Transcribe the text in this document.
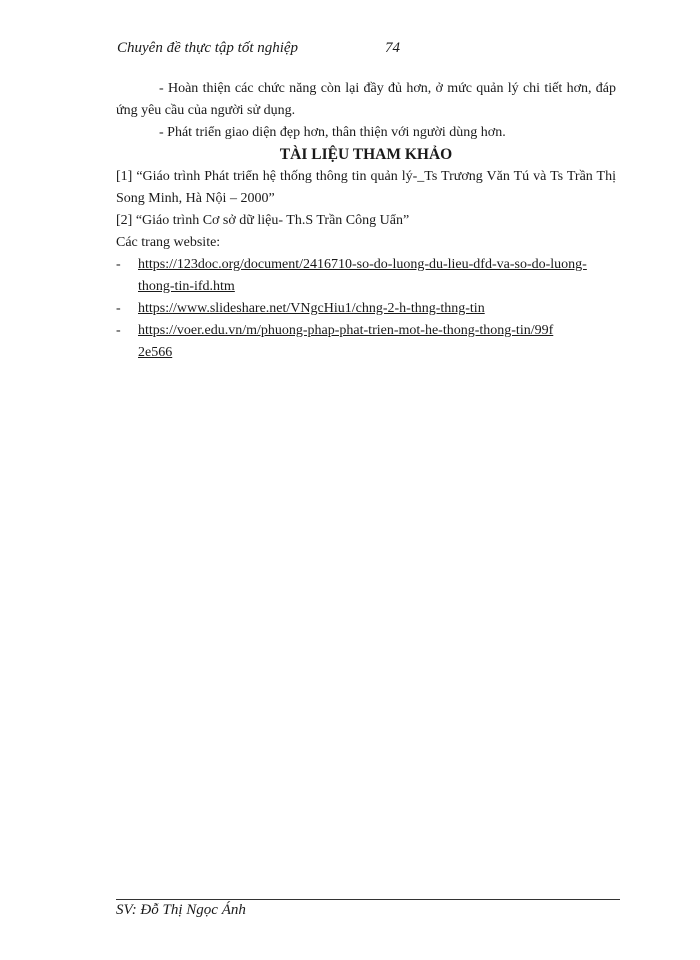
Chuyên đề thực tập tốt nghiệp	74

- Hoàn thiện các chức năng còn lại đầy đủ hơn, ở mức quản lý chi tiết hơn, đáp ứng yêu cầu của người sử dụng.

- Phát triển giao diện đẹp hơn, thân thiện với người dùng hơn.

TÀI LIỆU THAM KHẢO

[1] “Giáo trình Phát triển hệ thống thông tin quản lý-_Ts Trương Văn Tú và Ts Trần Thị Song Minh, Hà Nội – 2000”

[2] “Giáo trình Cơ sở dữ liệu- Th.S Trần Công Uẩn”

Các trang website:

- https://123doc.org/document/2416710-so-do-luong-du-lieu-dfd-va-so-do-luong-thong-tin-ifd.htm
- https://www.slideshare.net/VNgcHiu1/chng-2-h-thng-thng-tin
- https://voer.edu.vn/m/phuong-phap-phat-trien-mot-he-thong-thong-tin/99f2e566
SV: Đỗ Thị Ngọc Ánh
